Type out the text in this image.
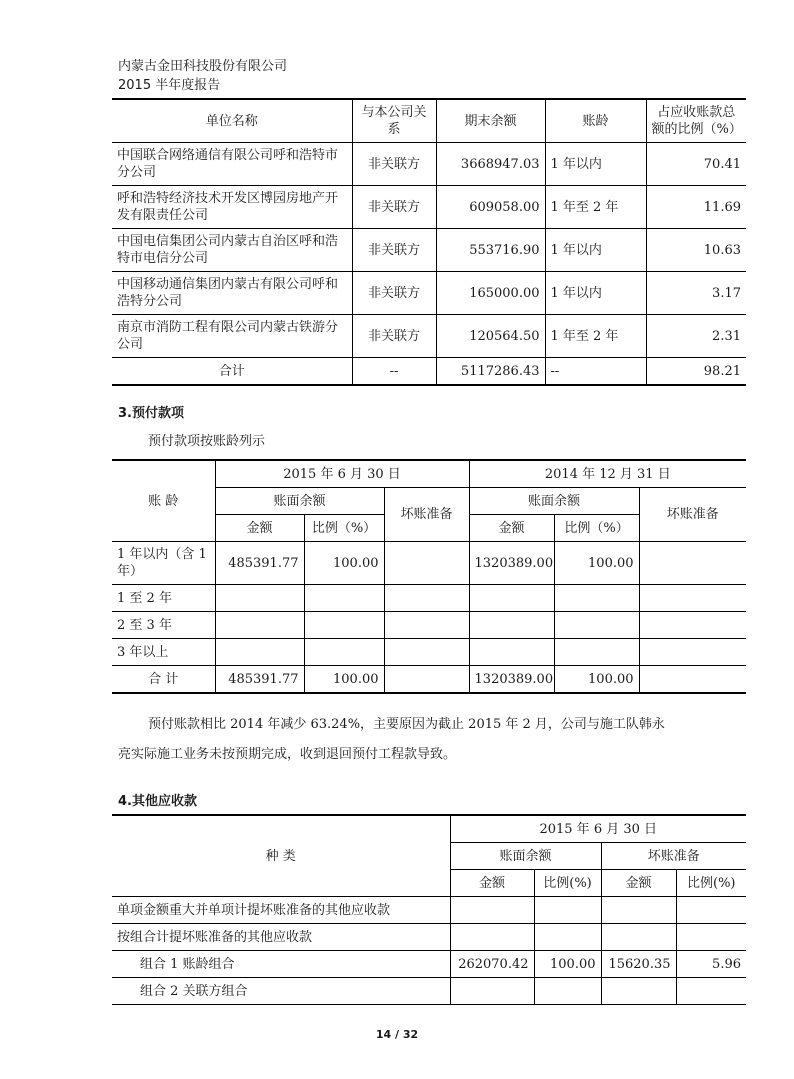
内蒙古金田科技股份有限公司
2015 半年度报告
单位名称	与本公司关系	期末余额	账龄	占应收账款总额的比例（%）
中国联合网络通信有限公司呼和浩特市分公司	非关联方	3668947.03	1 年以内	70.41
呼和浩特经济技术开发区博园房地产开发有限责任公司	非关联方	609058.00	1 年至 2 年	11.69
中国电信集团公司内蒙古自治区呼和浩特市电信分公司	非关联方	553716.90	1 年以内	10.63
中国移动通信集团内蒙古有限公司呼和浩特分公司	非关联方	165000.00	1 年以内	3.17
南京市消防工程有限公司内蒙古铁游分公司	非关联方	120564.50	1 年至 2 年	2.31
合计	--	5117286.43	--	98.21
3.预付款项
预付款项按账龄列示
账 龄	2015 年 6 月 30 日			2014 年 12 月 31 日		
	账面余额		坏账准备	账面余额		坏账准备
	金额	比例（%）		金额	比例（%）	
1 年以内（含 1 年）	485391.77	100.00		1320389.00	100.00	
1 至 2 年						
2 至 3 年						
3 年以上						
合 计	485391.77	100.00		1320389.00	100.00	
预付账款相比 2014 年减少 63.24%，主要原因为截止 2015 年 2 月，公司与施工队韩永
亮实际施工业务未按预期完成，收到退回预付工程款导致。
4.其他应收款
种 类	2015 年 6 月 30 日			
	账面余额		坏账准备	
	金额	比例(%)	金额	比例(%)
单项金额重大并单项计提坏账准备的其他应收款				
按组合计提坏账准备的其他应收款				
组合 1 账龄组合	262070.42	100.00	15620.35	5.96
组合 2 关联方组合				
14 / 32
